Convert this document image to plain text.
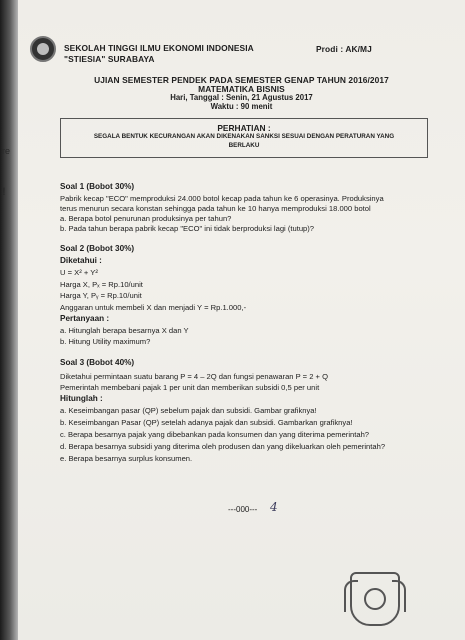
re
!
SEKOLAH TINGGI ILMU EKONOMI INDONESIA
"STIESIA" SURABAYA
Prodi : AK/MJ
UJIAN SEMESTER PENDEK PADA SEMESTER GENAP TAHUN 2016/2017
MATEMATIKA BISNIS
Hari, Tanggal : Senin, 21 Agustus 2017
Waktu : 90 menit
PERHATIAN :
SEGALA BENTUK KECURANGAN AKAN DIKENAKAN SANKSI SESUAI DENGAN PERATURAN YANG
BERLAKU
Soal 1 (Bobot 30%)
Pabrik kecap "ECO" memproduksi 24.000 botol kecap pada tahun ke 6 operasinya. Produksinya
terus menurun secara konstan sehingga pada tahun ke 10 hanya memproduksi 18.000 botol
a. Berapa botol penurunan produksinya per tahun?
b. Pada tahun berapa pabrik kecap "ECO" ini tidak berproduksi lagi (tutup)?
Soal 2 (Bobot 30%)
Diketahui :
U = X² + Y²
Harga X, Pₓ = Rp.10/unit
Harga Y, Pᵧ = Rp.10/unit
Anggaran untuk membeli X dan menjadi Y = Rp.1.000,-
Pertanyaan :
a. Hitunglah berapa besarnya X dan Y
b. Hitung Utility maximum?
Soal 3 (Bobot 40%)
Diketahui permintaan suatu barang P = 4 – 2Q dan fungsi penawaran P = 2 + Q
Pemerintah membebani pajak 1 per unit dan memberikan subsidi 0,5 per unit
Hitunglah :
a. Keseimbangan pasar (QP) sebelum pajak dan subsidi. Gambar grafiknya!
b. Keseimbangan Pasar (QP) setelah adanya pajak dan subsidi. Gambarkan grafiknya!
c. Berapa besarnya pajak yang dibebankan pada konsumen dan yang diterima pemerintah?
d. Berapa besarnya subsidi yang diterima oleh produsen dan yang dikeluarkan oleh pemerintah?
e. Berapa besarnya surplus konsumen.
---000--- 4
